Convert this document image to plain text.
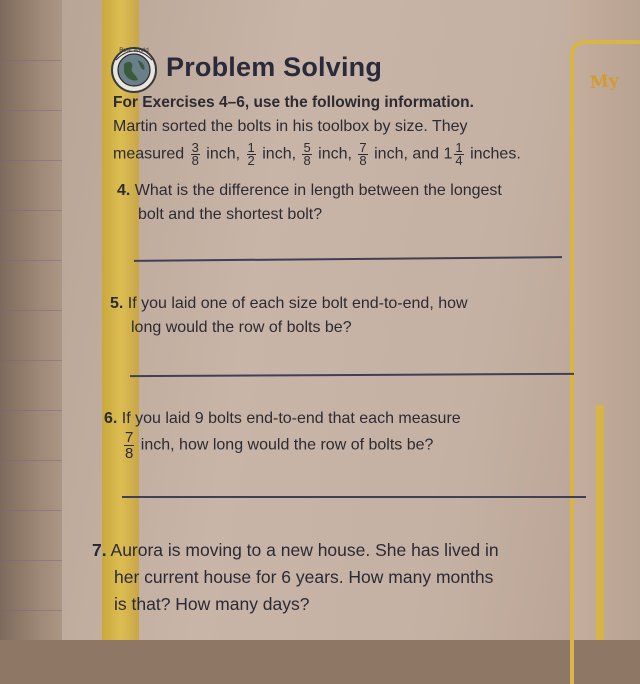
My
Real World
Problem Solving
For Exercises 4–6, use the following information.
Martin sorted the bolts in his toolbox by size. They
measured $\frac{3}{8}$ inch, $\frac{1}{2}$ inch, $\frac{5}{8}$ inch, $\frac{7}{8}$ inch, and $1 \frac{1}{4}$ inches.
4. What is the difference in length between the longest
bolt and the shortest bolt?
5. If you laid one of each size bolt end-to-end, how
long would the row of bolts be?
6. If you laid 9 bolts end-to-end that each measure
$\frac{7}{8}$ inch, how long would the row of bolts be?
7. Aurora is moving to a new house. She has lived in
her current house for 6 years. How many months
is that? How many days?
